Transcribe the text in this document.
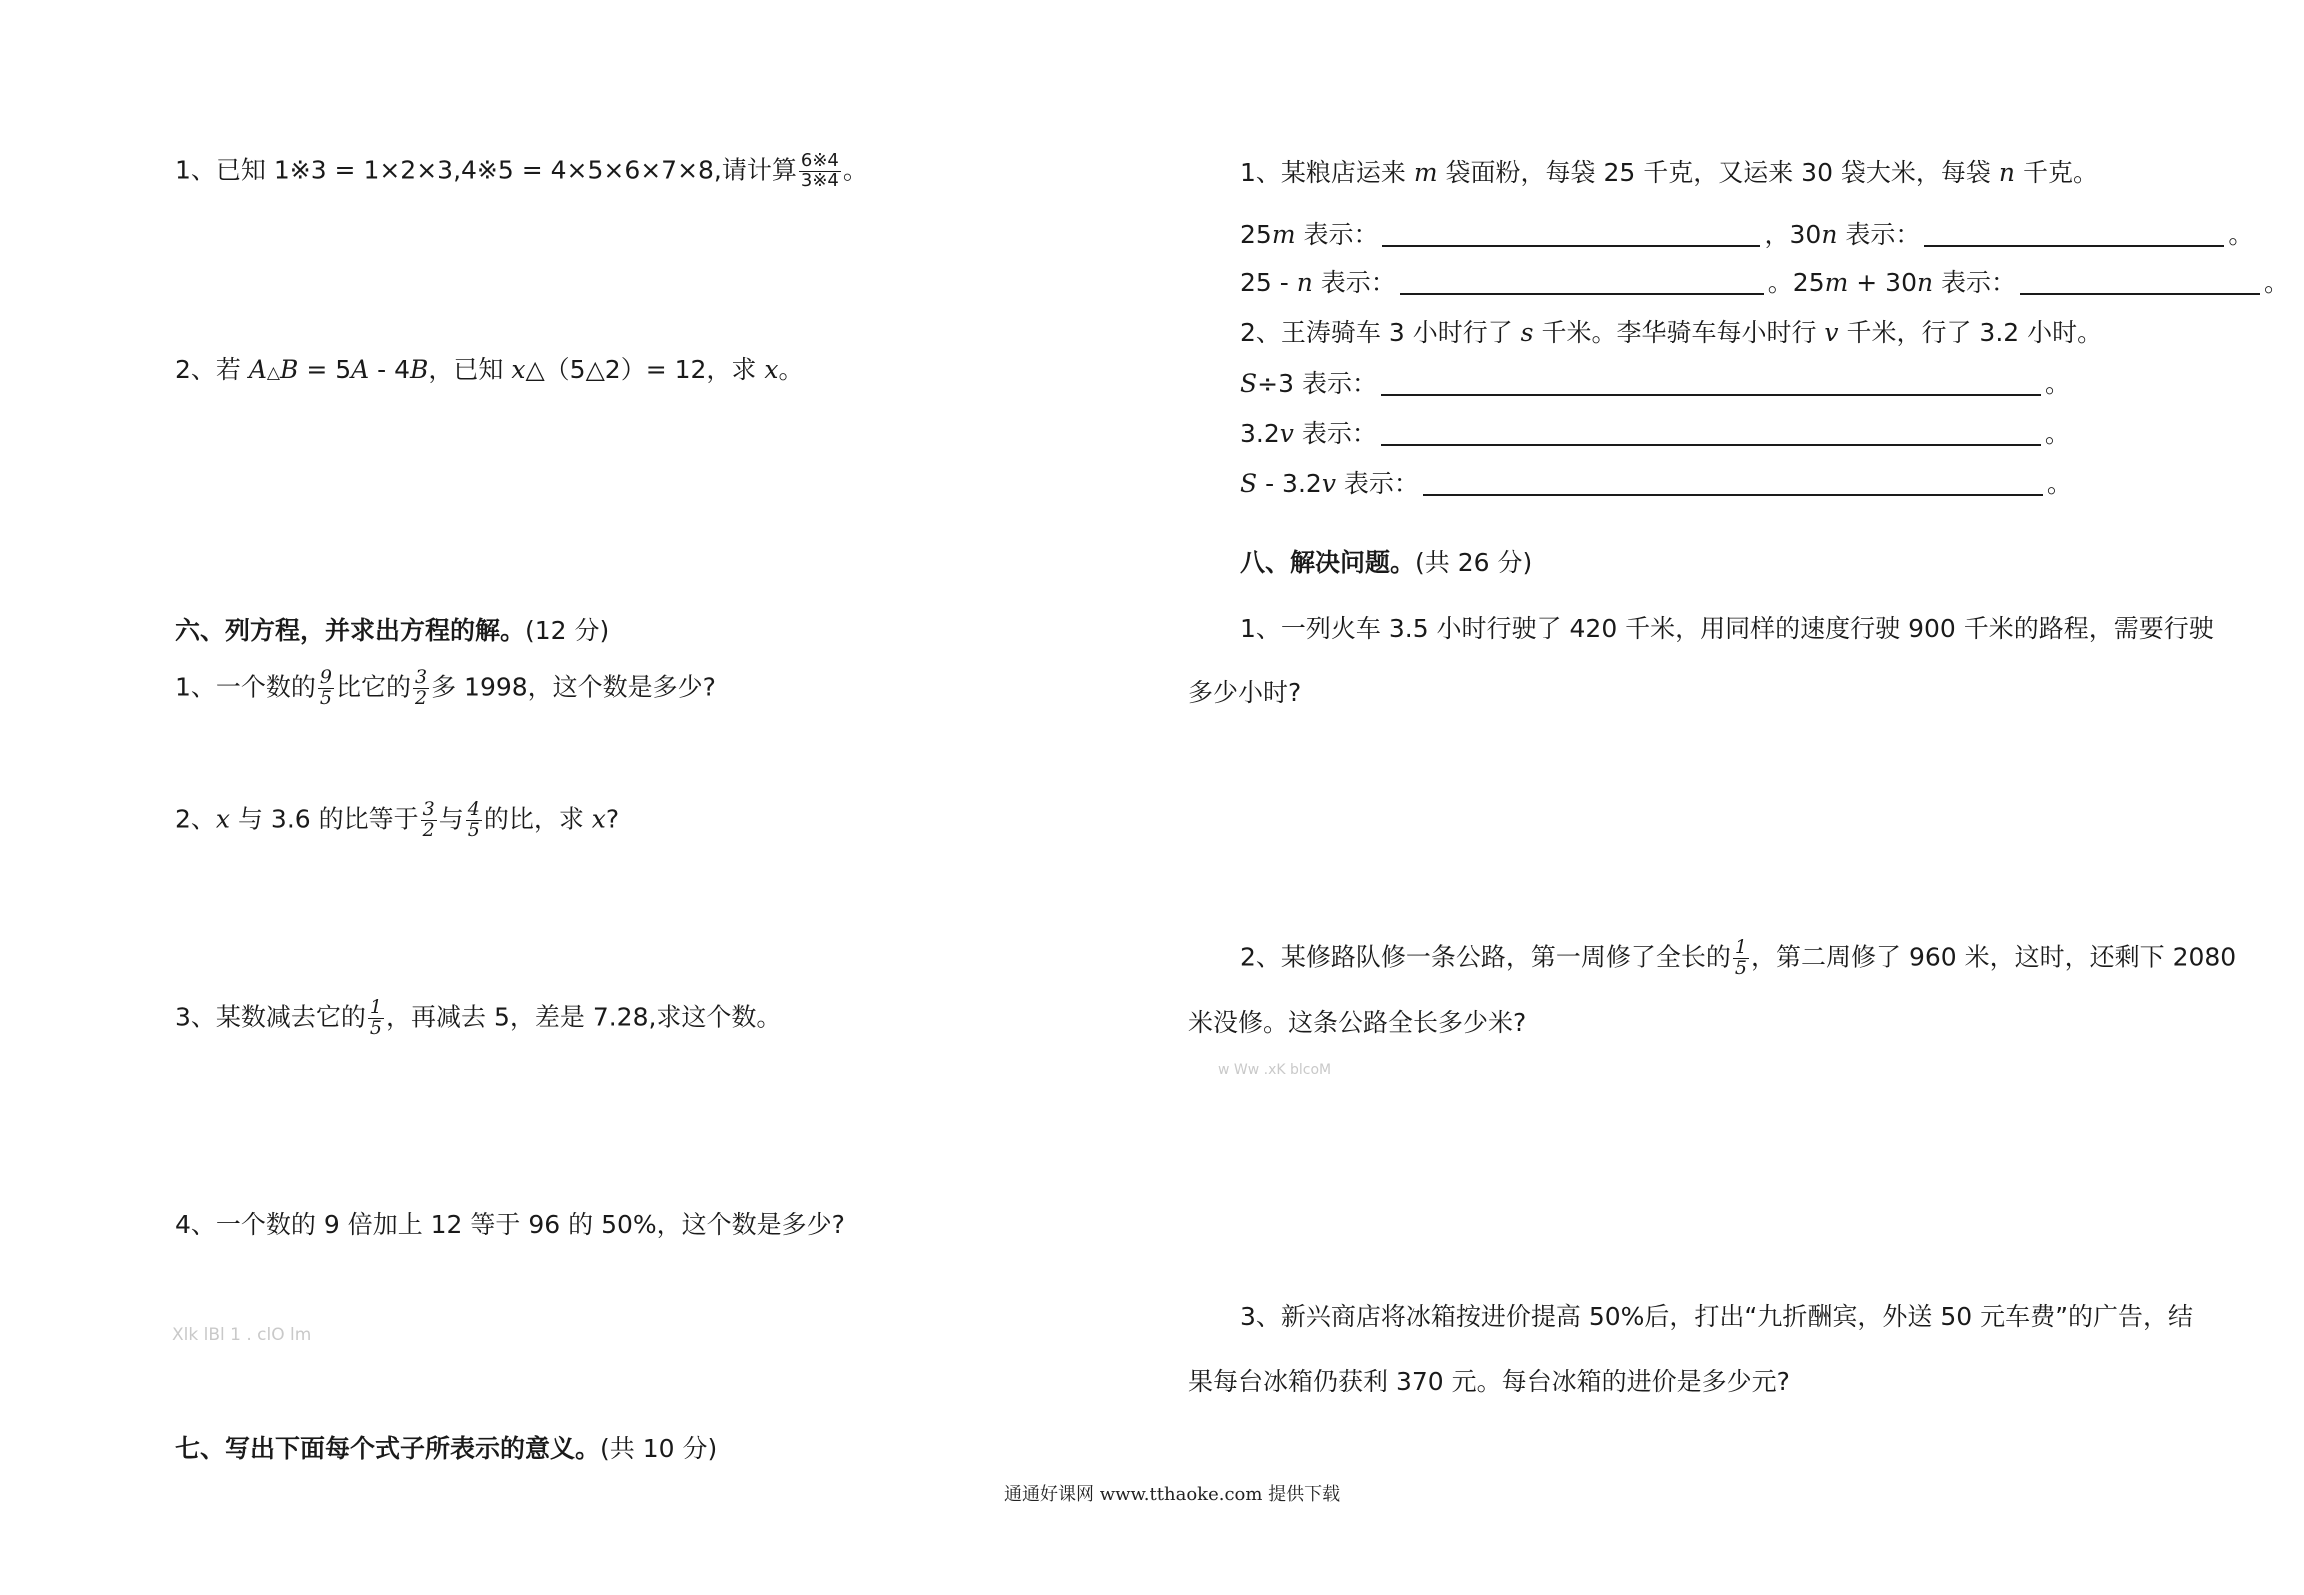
1、已知 1※3 = 1×2×3,4※5 = 4×5×6×7×8,请计算 $\frac{6※4}{3※4}$ 。
2、若 A△B = 5A - 4B，已知 x△（5△2）= 12，求 x。
六、列方程，并求出方程的解。(12 分)
1、一个数的 $\frac{9}{5}$ 比它的 $\frac{3}{2}$ 多 1998，这个数是多少?
2、x 与 3.6 的比等于 $\frac{3}{2}$ 与 $\frac{4}{5}$ 的比，求 x?
3、某数减去它的 $\frac{1}{5}$ ，再减去 5，差是 7.28,求这个数。
4、一个数的 9 倍加上 12 等于 96 的 50%，这个数是多少?
Xlk lBl 1 . clO lm
七、写出下面每个式子所表示的意义。(共 10 分)
1、某粮店运来 m 袋面粉，每袋 25 千克，又运来 30 袋大米，每袋 n 千克。
25m 表示：	，30n 表示：	。
25 - n 表示：	。25m + 30n 表示：	。
2、王涛骑车 3 小时行了 s 千米。李华骑车每小时行 v 千米，行了 3.2 小时。
S÷3 表示：	。
3.2v 表示：	。
S - 3.2v 表示：	。
八、解决问题。(共 26 分)
1、一列火车 3.5 小时行驶了 420 千米，用同样的速度行驶 900 千米的路程，需要行驶
多少小时?
2、某修路队修一条公路，第一周修了全长的 $\frac{1}{5}$ ，第二周修了 960 米，这时，还剩下 2080
米没修。这条公路全长多少米?
w Ww .xK blcoM
3、新兴商店将冰箱按进价提高 50%后，打出“九折酬宾，外送 50 元车费”的广告，结
果每台冰箱仍获利 370 元。每台冰箱的进价是多少元?
通通好课网 www.tthaoke.com 提供下载
